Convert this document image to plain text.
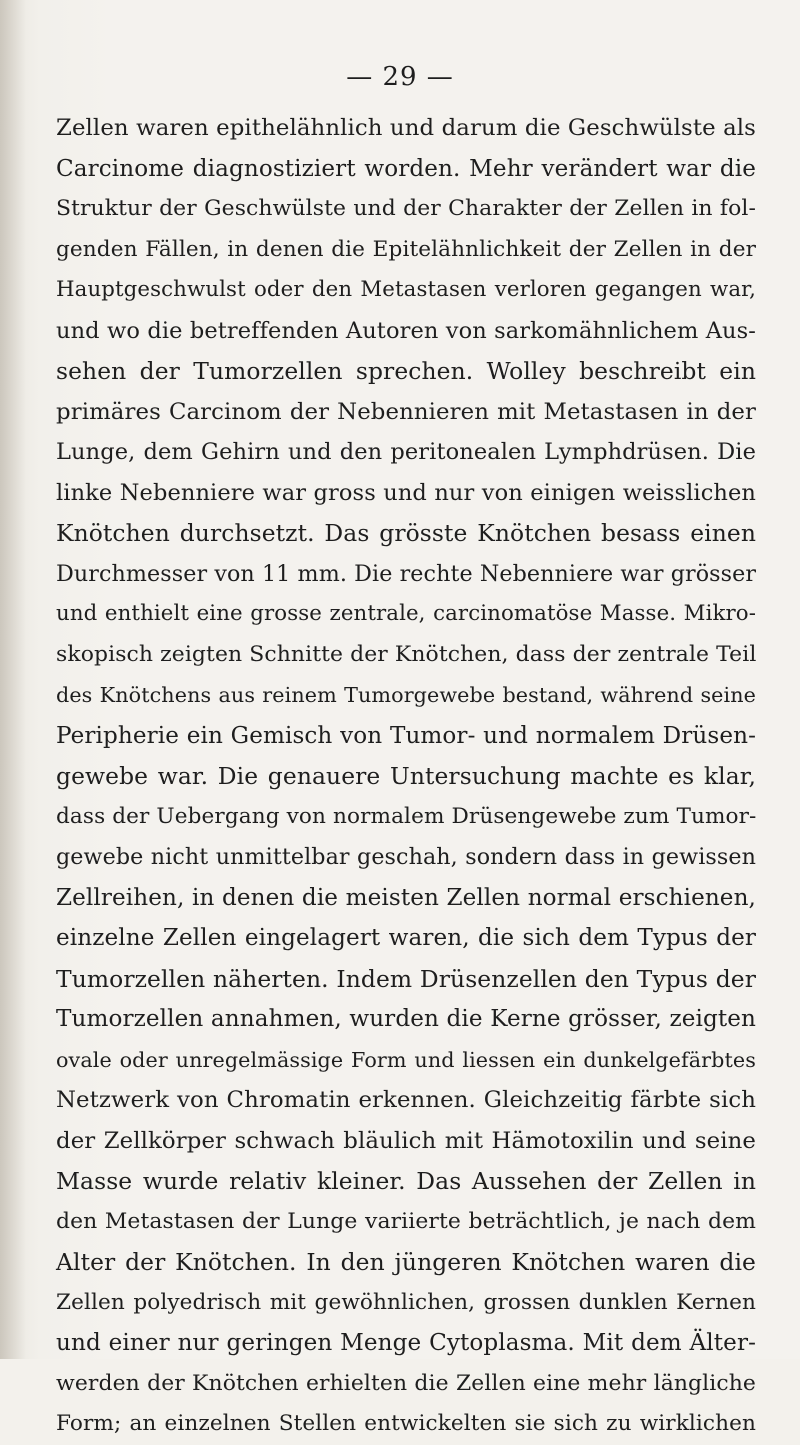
— 29 —

Zellen waren epithelähnlich und darum die Geschwülste als
Carcinome diagnostiziert worden. Mehr verändert war die
Struktur der Geschwülste und der Charakter der Zellen in fol-
genden Fällen, in denen die Epitelähnlichkeit der Zellen in der
Hauptgeschwulst oder den Metastasen verloren gegangen war,
und wo die betreffenden Autoren von sarkomähnlichem Aus-
sehen der Tumorzellen sprechen. Wolley beschreibt ein
primäres Carcinom der Nebennieren mit Metastasen in der
Lunge, dem Gehirn und den peritonealen Lymphdrüsen. Die
linke Nebenniere war gross und nur von einigen weisslichen
Knötchen durchsetzt. Das grösste Knötchen besass einen
Durchmesser von 11 mm. Die rechte Nebenniere war grösser
und enthielt eine grosse zentrale, carcinomatöse Masse. Mikro-
skopisch zeigten Schnitte der Knötchen, dass der zentrale Teil
des Knötchens aus reinem Tumorgewebe bestand, während seine
Peripherie ein Gemisch von Tumor- und normalem Drüsen-
gewebe war. Die genauere Untersuchung machte es klar,
dass der Uebergang von normalem Drüsengewebe zum Tumor-
gewebe nicht unmittelbar geschah, sondern dass in gewissen
Zellreihen, in denen die meisten Zellen normal erschienen,
einzelne Zellen eingelagert waren, die sich dem Typus der
Tumorzellen näherten. Indem Drüsenzellen den Typus der
Tumorzellen annahmen, wurden die Kerne grösser, zeigten
ovale oder unregelmässige Form und liessen ein dunkelgefärbtes
Netzwerk von Chromatin erkennen. Gleichzeitig färbte sich
der Zellkörper schwach bläulich mit Hämotoxilin und seine
Masse wurde relativ kleiner. Das Aussehen der Zellen in
den Metastasen der Lunge variierte beträchtlich, je nach dem
Alter der Knötchen. In den jüngeren Knötchen waren die
Zellen polyedrisch mit gewöhnlichen, grossen dunklen Kernen
und einer nur geringen Menge Cytoplasma. Mit dem Älter-
werden der Knötchen erhielten die Zellen eine mehr längliche
Form; an einzelnen Stellen entwickelten sie sich zu wirklichen
